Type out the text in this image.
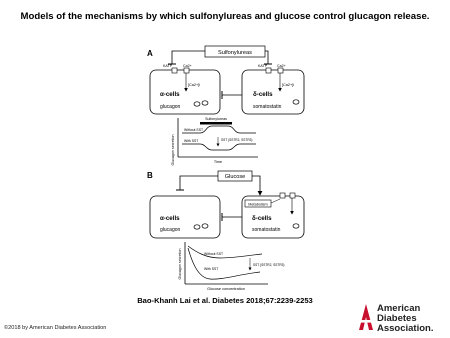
Models of the mechanisms by which sulfonylureas and glucose control glucagon release.
A	Sulfonylureas
KATP	Ca2+
[Ca2+]i
α-cells
glucagon
KATP	Ca2+
[Ca2+]i
δ-cells
somatostatin
Glucagon secretion
Sulfonylureas
Without SST
With SST	SST (SSTR2, SSTR3)
Time
B	Glucose
α-cells
glucagon
Metabolism
δ-cells
somatostatin
Glucagon secretion	Without SST
With SST
SST (SSTR2, SSTR3)
Glucose concentration
Bao-Khanh Lai et al. Diabetes 2018;67:2239-2253
©2018 by American Diabetes Association
American
Diabetes
Association.
